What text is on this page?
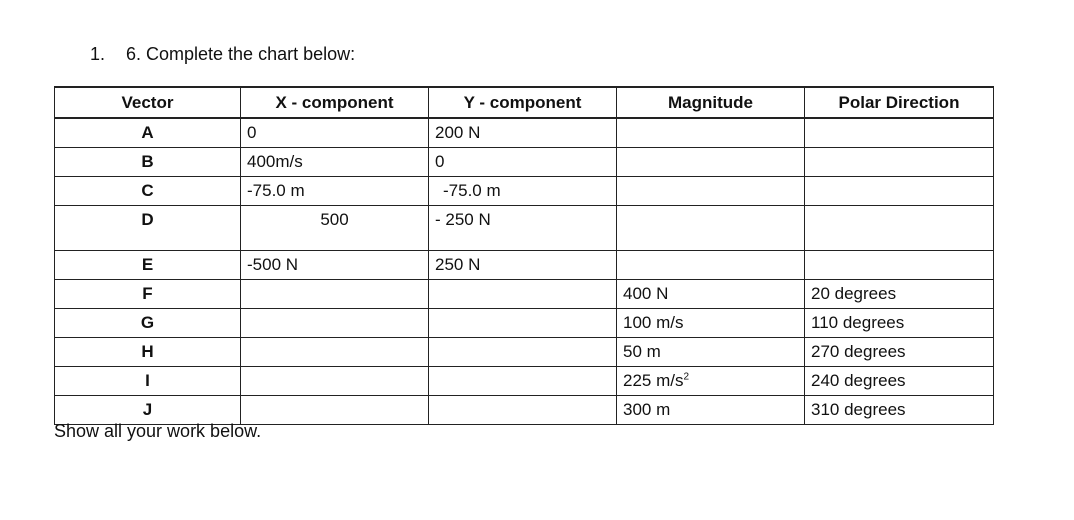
1. 6. Complete the chart below:
Vector	X - component	Y - component	Magnitude	Polar Direction
A	0	200 N		
B	400m/s	0		
C	-75.0 m	-75.0 m		
D	500	- 250 N		
E	-500 N	250 N		
F			400 N	20 degrees
G			100 m/s	110 degrees
H			50 m	270 degrees
I			225 $m/s^2$	240 degrees
J			300 m	310 degrees
Show all your work below.
